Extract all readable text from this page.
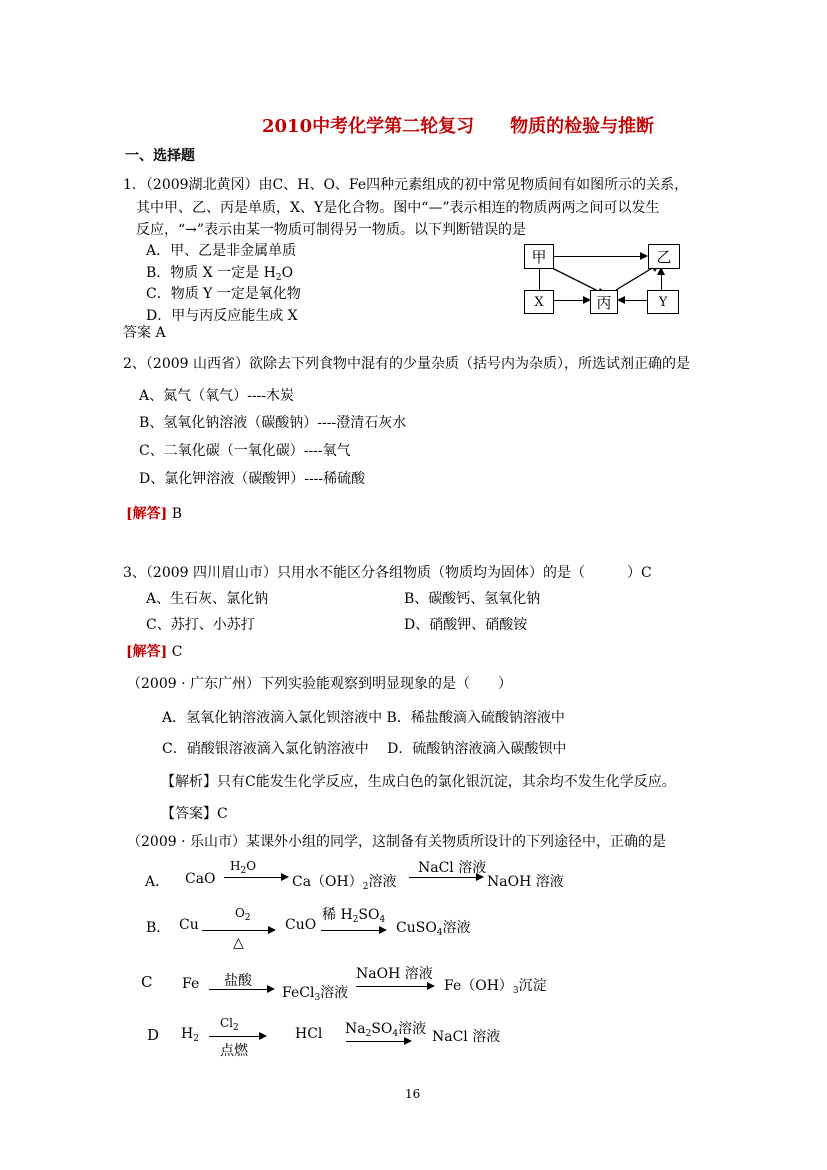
2010中考化学第二轮复习　　物质的检验与推断
一、选择题
1．（2009湖北黄冈）由C、H、O、Fe四种元素组成的初中常见物质间有如图所示的关系，
其中甲、乙、丙是单质，X、Y是化合物。图中“—”表示相连的物质两两之间可以发生
反应，“→”表示由某一物质可制得另一物质。以下判断错误的是
A．甲、乙是非金属单质
B．物质 X 一定是 $H_2O$
C．物质 Y 一定是氧化物
D．甲与丙反应能生成 X
答案 A
甲	乙
X	丙	Y
2、（2009 山西省）欲除去下列食物中混有的少量杂质（括号内为杂质），所选试剂正确的是
A、氮气（氧气）----木炭
B、氢氧化钠溶液（碳酸钠）----澄清石灰水
C、二氧化碳（一氧化碳）----氧气
D、氯化钾溶液（碳酸钾）----稀硫酸
[解答] B
3、（2009 四川眉山市）只用水不能区分各组物质（物质均为固体）的是（　　　）C
A、生石灰、氯化钠	B、碳酸钙、氢氧化钠
C、苏打、小苏打	D、硝酸钾、硝酸铵
[解答] C
（2009 · 广东广州）下列实验能观察到明显现象的是（　　）
A．氢氧化钠溶液滴入氯化钡溶液中 B．稀盐酸滴入硫酸钠溶液中
C．硝酸银溶液滴入氯化钠溶液中　 D．硫酸钠溶液滴入碳酸钡中
【解析】只有C能发生化学反应，生成白色的氯化银沉淀，其余均不发生化学反应。
【答案】C
（2009 · 乐山市）某课外小组的同学，这制备有关物质所设计的下列途径中，正确的是
A． CaO
$H_2O$
$Ca(OH)_2$溶液
NaCl 溶液
NaOH 溶液
B． Cu
$O_2$
△
CuO
稀 $H_2SO_4$ CuSO$_4$溶液
C Fe 盐酸
FeCl$_3$溶液
NaOH 溶液
$Fe(OH)_3$沉淀
D $H_2$
$Cl_2$
点燃
HCl $Na_2SO_4$溶液 NaCl 溶液
16
